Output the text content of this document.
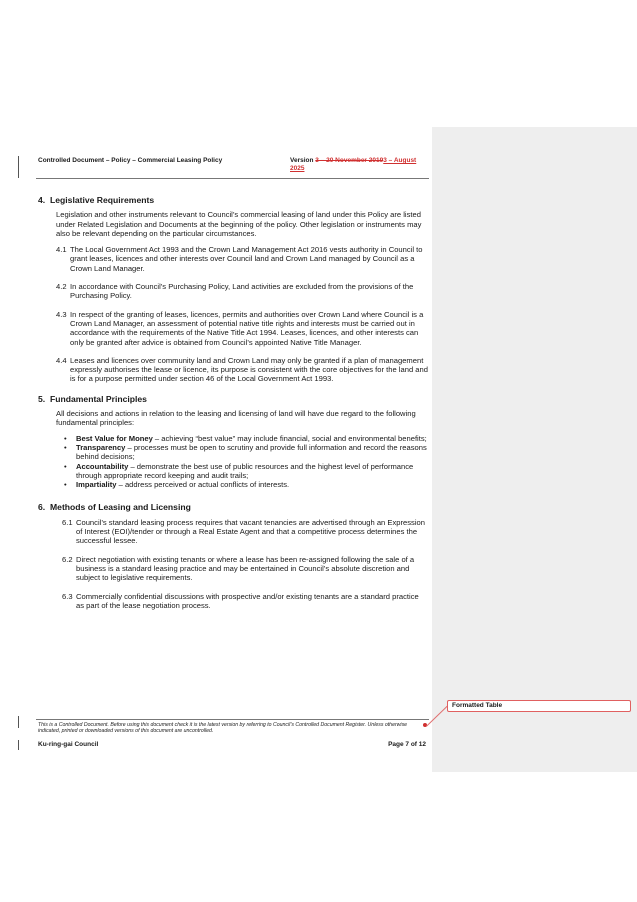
Controlled Document – Policy – Commercial Leasing Policy	Version 3 – 20 November 20193 – August 2025
4. Legislative Requirements

Legislation and other instruments relevant to Council’s commercial leasing of land under this Policy are listed under Related Legislation and Documents at the beginning of the policy. Other legislation or instruments may also be relevant depending on the particular circumstances.

4.1 The Local Government Act 1993 and the Crown Land Management Act 2016 vests authority in Council to grant leases, licences and other interests over Council land and Crown Land managed by Council as a Crown Land Manager.
4.2 In accordance with Council’s Purchasing Policy, Land activities are excluded from the provisions of the Purchasing Policy.
4.3 In respect of the granting of leases, licences, permits and authorities over Crown Land where Council is a Crown Land Manager, an assessment of potential native title rights and interests must be carried out in accordance with the requirements of the Native Title Act 1994. Leases, licences, and other interests can only be granted after advice is obtained from Council’s appointed Native Title Manager.
4.4 Leases and licences over community land and Crown Land may only be granted if a plan of management expressly authorises the lease or licence, its purpose is consistent with the core objectives for the land and is for a purpose permitted under section 46 of the Local Government Act 1993.
5. Fundamental Principles

All decisions and actions in relation to the leasing and licensing of land will have due regard to the following fundamental principles:

• Best Value for Money – achieving “best value” may include financial, social and environmental benefits;
• Transparency – processes must be open to scrutiny and provide full information and record the reasons behind decisions;
• Accountability – demonstrate the best use of public resources and the highest level of performance through appropriate record keeping and audit trails;
• Impartiality – address perceived or actual conflicts of interests.
6. Methods of Leasing and Licensing
6.1 Council’s standard leasing process requires that vacant tenancies are advertised through an Expression of Interest (EOI)/tender or through a Real Estate Agent and that a competitive process determines the successful lessee.
6.2 Direct negotiation with existing tenants or where a lease has been re-assigned following the sale of a business is a standard leasing practice and may be entertained in Council’s absolute discretion and subject to legislative requirements.
6.3 Commercially confidential discussions with prospective and/or existing tenants are a standard practice as part of the lease negotiation process.
This is a Controlled Document. Before using this document check it is the latest version by referring to Council’s Controlled Document Register. Unless otherwise indicated, printed or downloaded versions of this document are uncontrolled.
Ku-ring-gai Council	Page 7 of 12
Formatted Table
